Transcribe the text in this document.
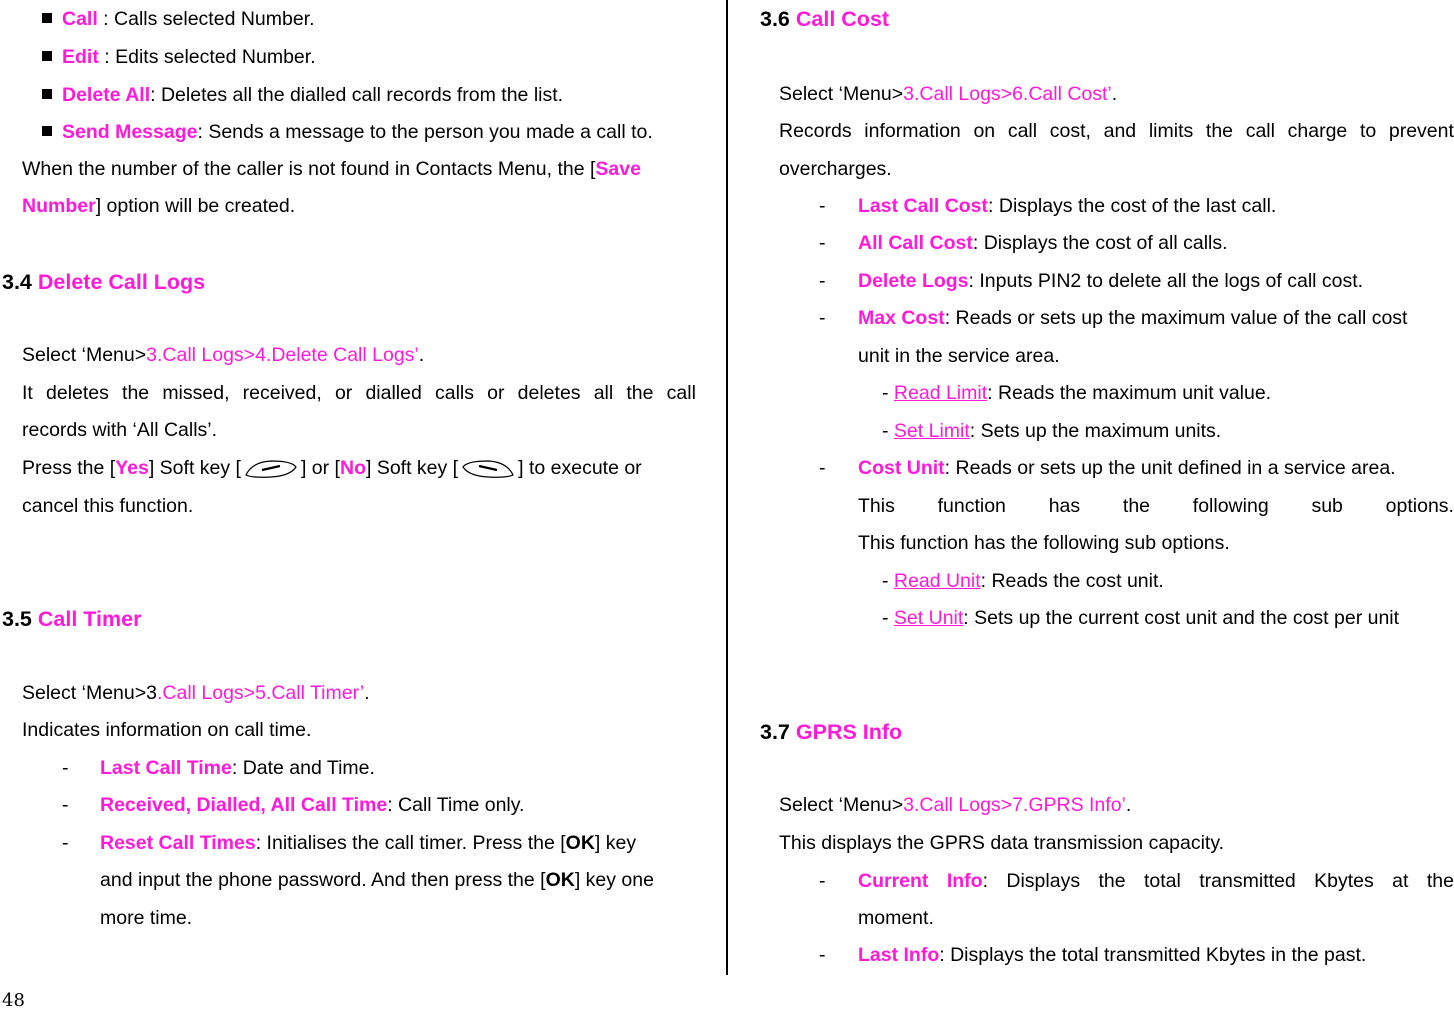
Call : Calls selected Number.
Edit : Edits selected Number.
Delete All: Deletes all the dialled call records from the list.
Send Message: Sends a message to the person you made a call to.
When the number of the caller is not found in Contacts Menu, the [Save
Number] option will be created.
3.4 Delete Call Logs
Select ‘Menu>3.Call Logs>4.Delete Call Logs’.
It deletes the missed, received, or dialled calls or deletes all the call
records with ‘All Calls’.
Press the [Yes] Soft key [	] or [No] Soft key [	] to execute or
cancel this function.
3.5 Call Timer
Select ‘Menu>3.Call Logs>5.Call Timer’.
Indicates information on call time.
- Last Call Time: Date and Time.
- Received, Dialled, All Call Time: Call Time only.
- Reset Call Times: Initialises the call timer. Press the [OK] key
and input the phone password. And then press the [OK] key one
more time.
3.6 Call Cost
Select ‘Menu>3.Call Logs>6.Call Cost’.
Records information on call cost, and limits the call charge to prevent
overcharges.
- Last Call Cost: Displays the cost of the last call.
- All Call Cost: Displays the cost of all calls.
- Delete Logs: Inputs PIN2 to delete all the logs of call cost.
- Max Cost: Reads or sets up the maximum value of the call cost
unit in the service area.
- Read Limit: Reads the maximum unit value.
- Set Limit: Sets up the maximum units.
- Cost Unit: Reads or sets up the unit defined in a service area.
This function has the following sub options.
This function has the following sub options.
- Read Unit: Reads the cost unit.
- Set Unit: Sets up the current cost unit and the cost per unit
3.7 GPRS Info
Select ‘Menu>3.Call Logs>7.GPRS Info’.
This displays the GPRS data transmission capacity.
- Current Info: Displays the total transmitted Kbytes at the
moment.
- Last Info: Displays the total transmitted Kbytes in the past.
48
